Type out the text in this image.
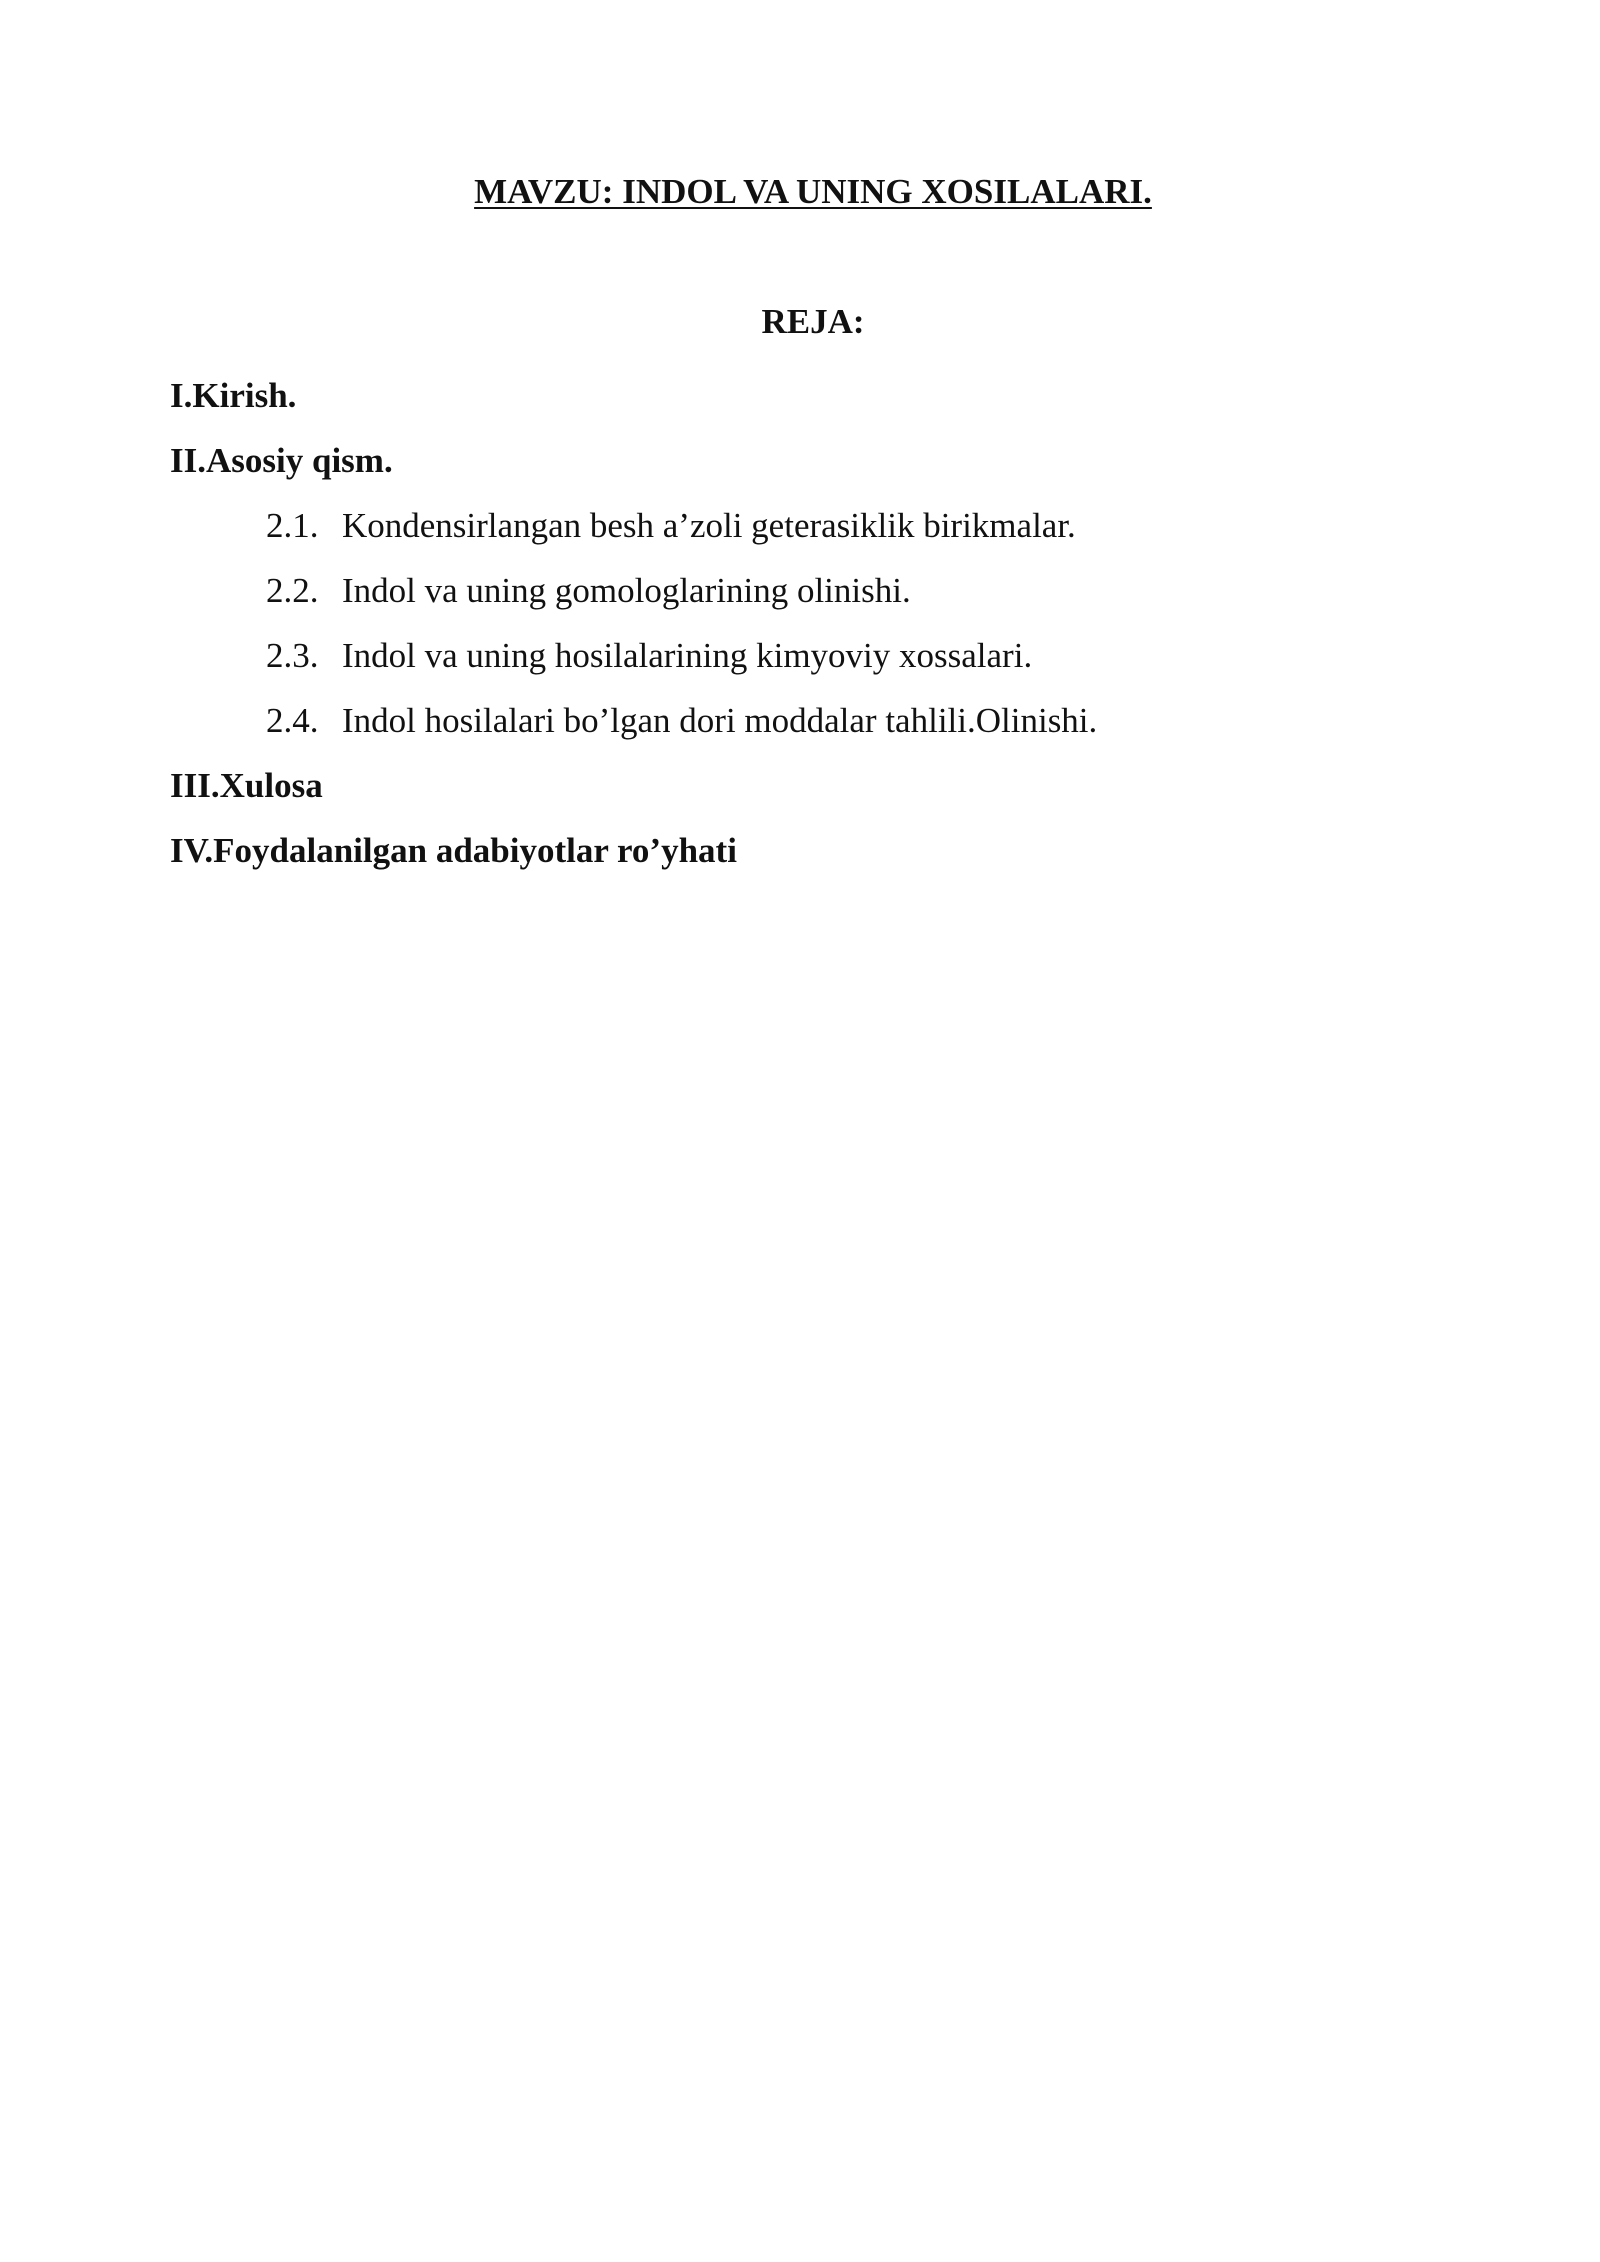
MAVZU: INDOL VA UNING XOSILALARI.
REJA:
I.Kirish.
II.Asosiy qism.
2.1. Kondensirlangan besh a’zoli geterasiklik birikmalar.
2.2. Indol va uning gomologlarining olinishi.
2.3. Indol va uning hosilalarining kimyoviy xossalari.
2.4. Indol hosilalari bo’lgan dori moddalar tahlili.Olinishi.
III.Xulosa
IV.Foydalanilgan adabiyotlar ro’yhati
